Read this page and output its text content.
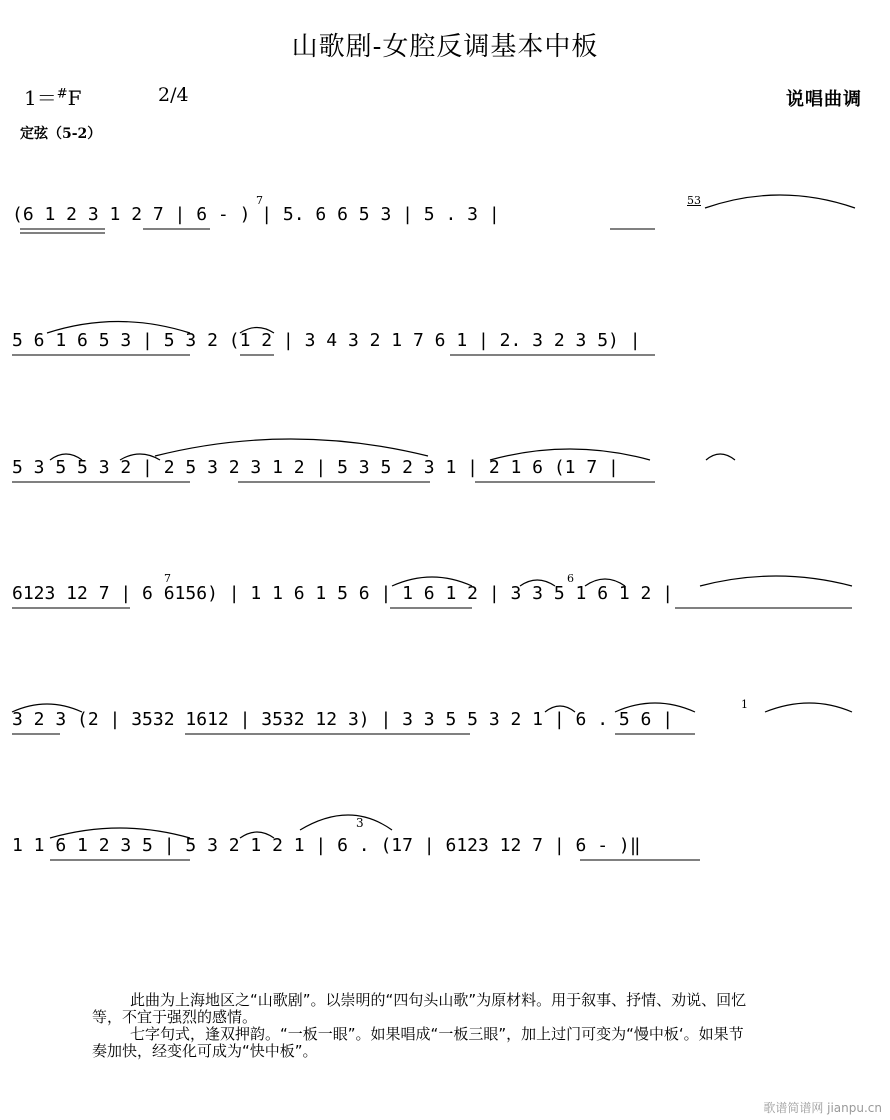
山歌剧-女腔反调基本中板
1＝#F	2/4	说唱曲调
定弦（5-2）
(6 1 2 3 1 2 7 | 6 - ) | 5. 6 6 5 3 | 5 . 3 |
5 6 1 6 5 3 | 5 3 2 (1 2 | 3 4 3 2 1 7 6 1 | 2. 3 2 3 5) |
5 3 5 5 3 2 | 2 5 3 2 3 1 2 | 5 3 5 2 3 1 | 2 1 6 (1 7 |
6123 12 7 | 6 6156) | 1 1 6 1 5 6 | 1 6 1 2 | 3 3 5 1 6 1 2 |
3 2 3 (2 | 3532 1612 | 3532 12 3) | 3 3 5 5 3 2 1 | 6 . 5 6 |
1 1 6 1 2 3 5 | 5 3 2 1 2 1 | 6 . (17 | 6123 12 7 | 6 - )‖
7	53
7	6
1
3

此曲为上海地区之“山歌剧”。以崇明的“四句头山歌”为原材料。用于叙事、抒情、劝说、回忆等，不宜于强烈的感情。

七字句式，逢双押韵。“一板一眼”。如果唱成“一板三眼”，加上过门可变为“慢中板‘。如果节奏加快，经变化可成为“快中板”。

歌谱简谱网 jianpu.cn
